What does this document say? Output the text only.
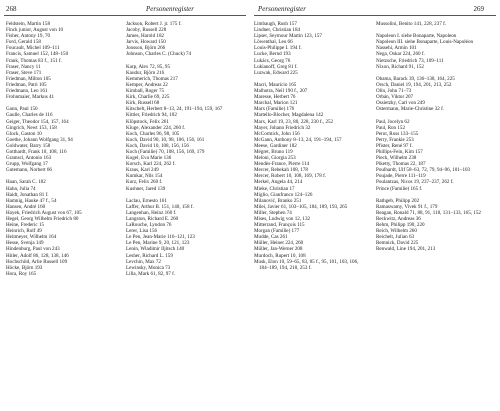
268	Personenregister
Feldstein, Martin 158
Finck junior, August von 10
Fisher, Antony 19, 70
Ford, Gerald 158
Foucault, Michel 109–111
Francis, Samuel 152, 148–150
Frank, Thomas 83 f., 151 f.
Fraser, Nancy 11
Fraser, Steve 171
Friedman, Milton 105
Friedman, Patri 105
Friedmann, Leo 161
Frohnmaier, Markus 41
Gann, Paul 150
Gaulle, Charles de 116
Geiger, Theodor 154, 157, 164
Gingrich, Newt 153, 158
Glock, Gaston 10
Goethe, Johann Wolfgang 31, 94
Goldwater, Barry 158
Gotthardt, Frank 10, 108, 116
Gramsci, Antonio 163
Grupp, Wolfgang 17
Gutemann, Norbert 66
Haan, Sarah C. 182
Hahn, Julia 74
Haidt, Jonathan 81 f.
Hamnig, Hauke 47 f., 54
Hansen, André 160
Hayek, Friedrich August von 67, 105
Hegel, Georg Wilhelm Friedrich 80
Heine, Frederic 15
Heinrich, Rolf 49
Heitmeyer, Wilhelm 164
Hesse, Svenja 149
Hindenburg, Paul von 243
Hitler, Adolf 86, 128, 138, 146
Hochschild, Arlie Russell 109
Höcke, Björn 193
Hora, Roy 165
Jackson, Robert J. jr. 175 f.
Jacoby, Russell 228
James, Harold 182
Jarvis, Howard 150
Jonsson, Björn 266
Johnson, Charles C. (Chuck) 74
Karp, Alex 72, 85, 95
Kaudur, Björn 216
Kemmerich, Thomas 217
Kemper, Andreas 22
Kimball, Roger 75
Kirk, Charlie 69, 225
Kirk, Russell 68
Kitschelt, Herbert 8–13, 24, 191–194, 159, 167
Kittler, Friedrich 94, 102
Klöpstock, Felix 261
Kluge, Alexander 224, 260 f.
Koch, Charles 96, 98, 105
Koch, David 90, 10, 98, 106, 156, 161
Koch, David 10, 108, 156, 156
Koch (Familie) 70, 108, 156, 169, 179
Kogel, Eva Marie 136
Korsch, Karl 224, 262 f.
Kraus, Karl 249
Kumkar, Nils 154
Kurz, Felix 260 f.
Kushner, Jared 139
Laclau, Ernesto 161
Laffer, Arthur B. 151, 140, 158 f.
Langenhan, Heinz 160 f.
Langston, Richard E. 260
LaRouche, Lyndon 76
Lerer, Lisa 156
Le Pen, Jean-Marie 116–121, 123
Le Pen, Marine 9, 20, 121, 123
Lenin, Wladimir Iljitsch 140
Lesher, Richard L. 159
Levchin, Max 72
Lewinsky, Monica 73
Lilla, Mark 61, 82, 97 f.
Personenregister	269
Limbaugh, Rush 157
Lindner, Christian 184
Lipset, Seymour Martin 123, 157
Löwenthal, Leo 66
Louis-Philippe I. 194 f.
Lucke, Bernd 193
Lukács, Georg 76
Lukianoff, Greg 81 f.
Luzwak, Edward 225
Macri, Mauricio 165
Malhotra, Neil 190 f., 207
Maresse, Herbert 76
Marchal, Marion 121
Marx (Familie) 176
Martello-Blocher, Magdalena 142
Marx, Karl 19, 23, 80, 228, 230 f., 252
Mayer, Johann Friedrich 32
McCormick, John 156
McGann, Anthony 8–13, 24, 191–194, 157
Meese, Gardiner 182
Mégret, Bruno 119
Meloni, Giorgia 253
Mendès-France, Pierre 114
Mercer, Rebekah 108, 178
Mercer, Robert 10, 108, 169, 178 f.
Merkel, Angela 44, 214
Mieke, Christian 17
Miglio, Gianfranco 124–126
Milanović, Branko 251
Milei, Javier 61, 103–105, 184, 189, 193, 265
Miller, Stephen 74
Mises, Ludwig von 12, 132
Mitterrand, François 115
Morgan (Familie) 177
Mudde, Cas 261
Müller, Heiner 224, 260
Müller, Jan-Werner 208
Murdoch, Rupert 10, 108
Musk, Elon 10, 59–65, 83, 85 f., 95, 101, 103, 106, 184–189, 194, 218, 253 f.
Mussolini, Benito 141, 228, 237 f.
Napoleon I. siehe Bonaparte, Napoleon
Napoleon III. siehe Bonaparte, Louis-Napoléon
Nassehi, Armin 101
Nega, Oskar 224, 260 f.
Nietzsche, Friedrich 73, 109–111
Nixon, Richard 91, 152
Obama, Barack 39, 136–138, 164, 225
Orsch, Daniel 19, 194, 201, 213, 252
Olin, John 71–73
Orbán, Viktor 207
Ossietzky, Carl von 249
Ostermann, Marie-Christine 32 f.
Paul, Jocelyn 62
Paul, Ron 152
Perot, Ross 133–155
Perry, Frankie 253
Pfister, René 97 f.
Phillips-Fein, Kim 157
Pieck, Wilhelm 238
Piketty, Thomas 22, 187
Poulhardt, Ulf 58–63, 72, 79, 94–96, 101–103
Poujade, Pierre 111–119
Poulantzas, Nicos 19, 237–237, 262 f.
Prince (Familie) 165 f.
Rathgeb, Philipp 202
Ramaswamy, Vivek 91 f., 179
Reagan, Ronald 71, 88, 91, 118, 131–133, 165, 152
Reckwitz, Andreas 36
Rehm, Philipp 190, 220
Reich, Wilhelm 260
Reichelt, Julian 63
Remnick, David 225
Renwald, Line 194, 201, 213
